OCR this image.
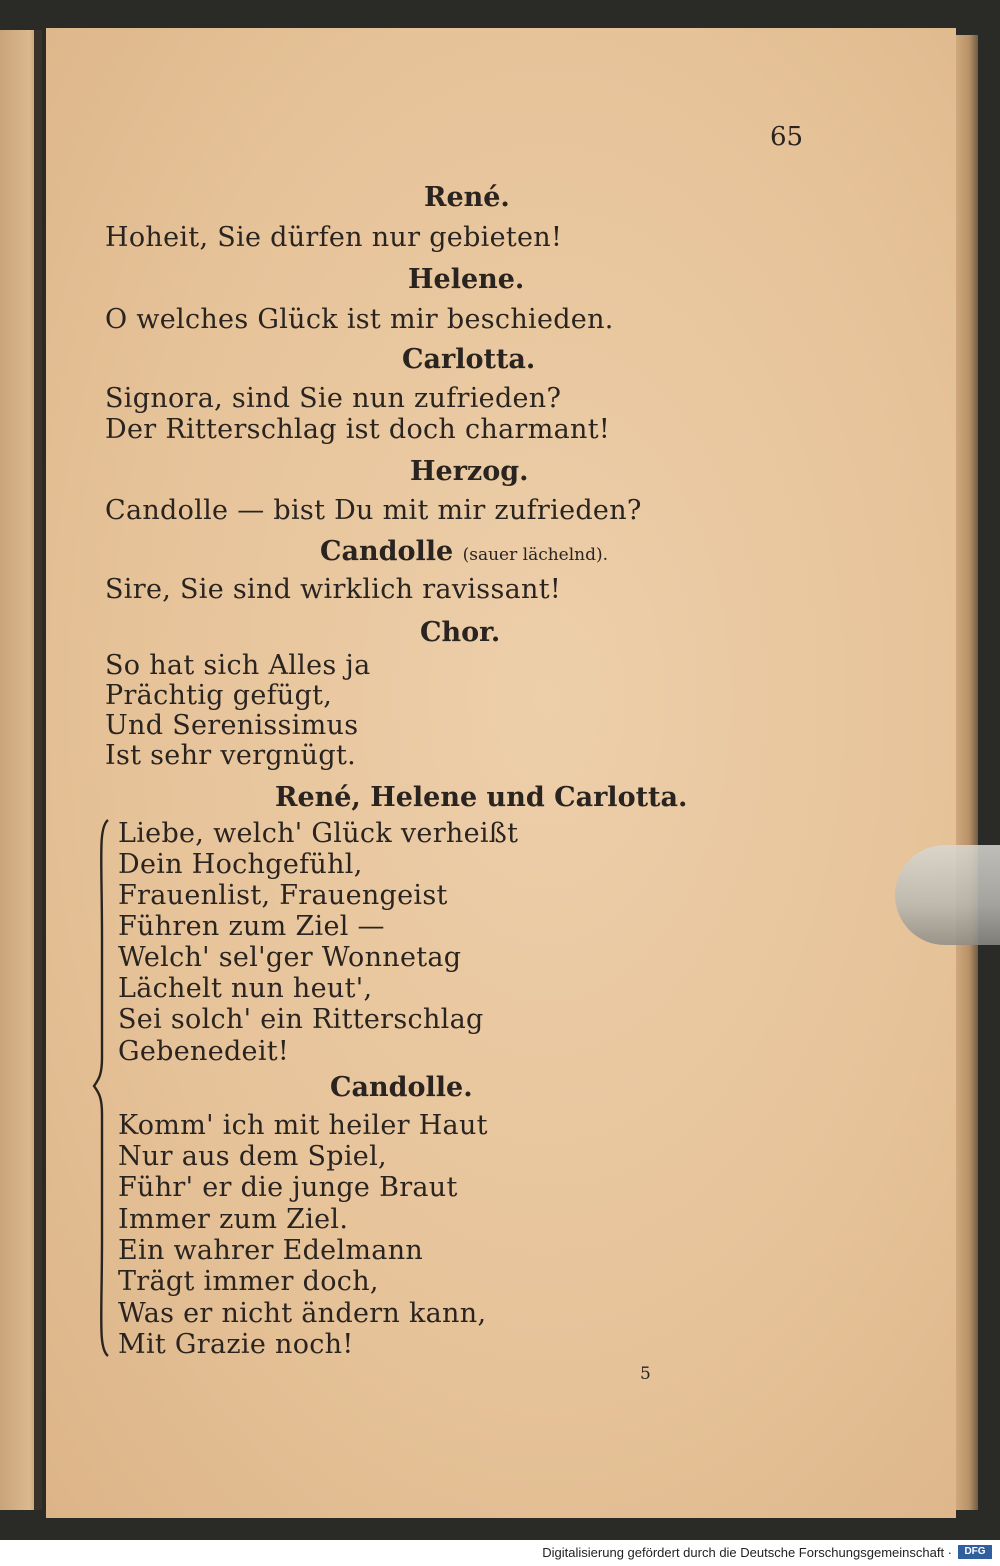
65
René.
Hoheit, Sie dürfen nur gebieten!
Helene.
O welches Glück ist mir beschieden.
Carlotta.
Signora, sind Sie nun zufrieden?
Der Ritterschlag ist doch charmant!
Herzog.
Candolle — bist Du mit mir zufrieden?
Candolle (sauer lächelnd).
Sire, Sie sind wirklich ravissant!
Chor.
So hat sich Alles ja
Prächtig gefügt,
Und Serenissimus
Ist sehr vergnügt.
René, Helene und Carlotta.
Liebe, welch' Glück verheißt
Dein Hochgefühl,
Frauenlist, Frauengeist
Führen zum Ziel —
Welch' sel'ger Wonnetag
Lächelt nun heut',
Sei solch' ein Ritterschlag
Gebenedeit!
Candolle.
Komm' ich mit heiler Haut
Nur aus dem Spiel,
Führ' er die junge Braut
Immer zum Ziel.
Ein wahrer Edelmann
Trägt immer doch,
Was er nicht ändern kann,
Mit Grazie noch!
5
Digitalisierung gefördert durch die Deutsche Forschungsgemeinschaft ·	DFG
